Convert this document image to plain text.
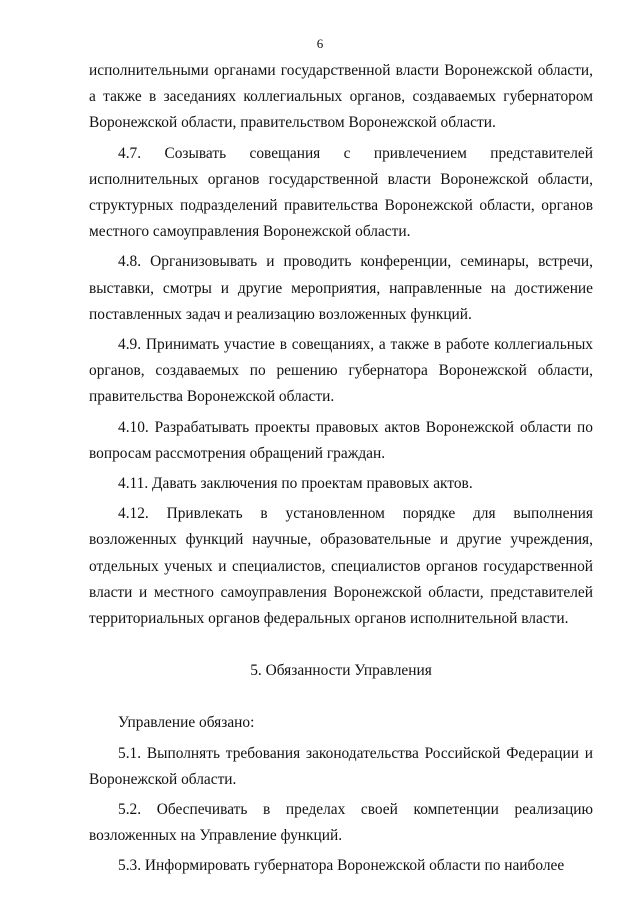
6

исполнительными органами государственной власти Воронежской области, а также в заседаниях коллегиальных органов, создаваемых губернатором Воронежской области, правительством Воронежской области.

4.7. Созывать совещания с привлечением представителей исполнительных органов государственной власти Воронежской области, структурных подразделений правительства Воронежской области, органов местного самоуправления Воронежской области.

4.8. Организовывать и проводить конференции, семинары, встречи, выставки, смотры и другие мероприятия, направленные на достижение поставленных задач и реализацию возложенных функций.

4.9. Принимать участие в совещаниях, а также в работе коллегиальных органов, создаваемых по решению губернатора Воронежской области, правительства Воронежской области.

4.10. Разрабатывать проекты правовых актов Воронежской области по вопросам рассмотрения обращений граждан.

4.11. Давать заключения по проектам правовых актов.

4.12. Привлекать в установленном порядке для выполнения возложенных функций научные, образовательные и другие учреждения, отдельных ученых и специалистов, специалистов органов государственной власти и местного самоуправления Воронежской области, представителей территориальных органов федеральных органов исполнительной власти.

5. Обязанности Управления

Управление обязано:

5.1. Выполнять требования законодательства Российской Федерации и Воронежской области.

5.2. Обеспечивать в пределах своей компетенции реализацию возложенных на Управление функций.

5.3. Информировать губернатора Воронежской области по наиболее
